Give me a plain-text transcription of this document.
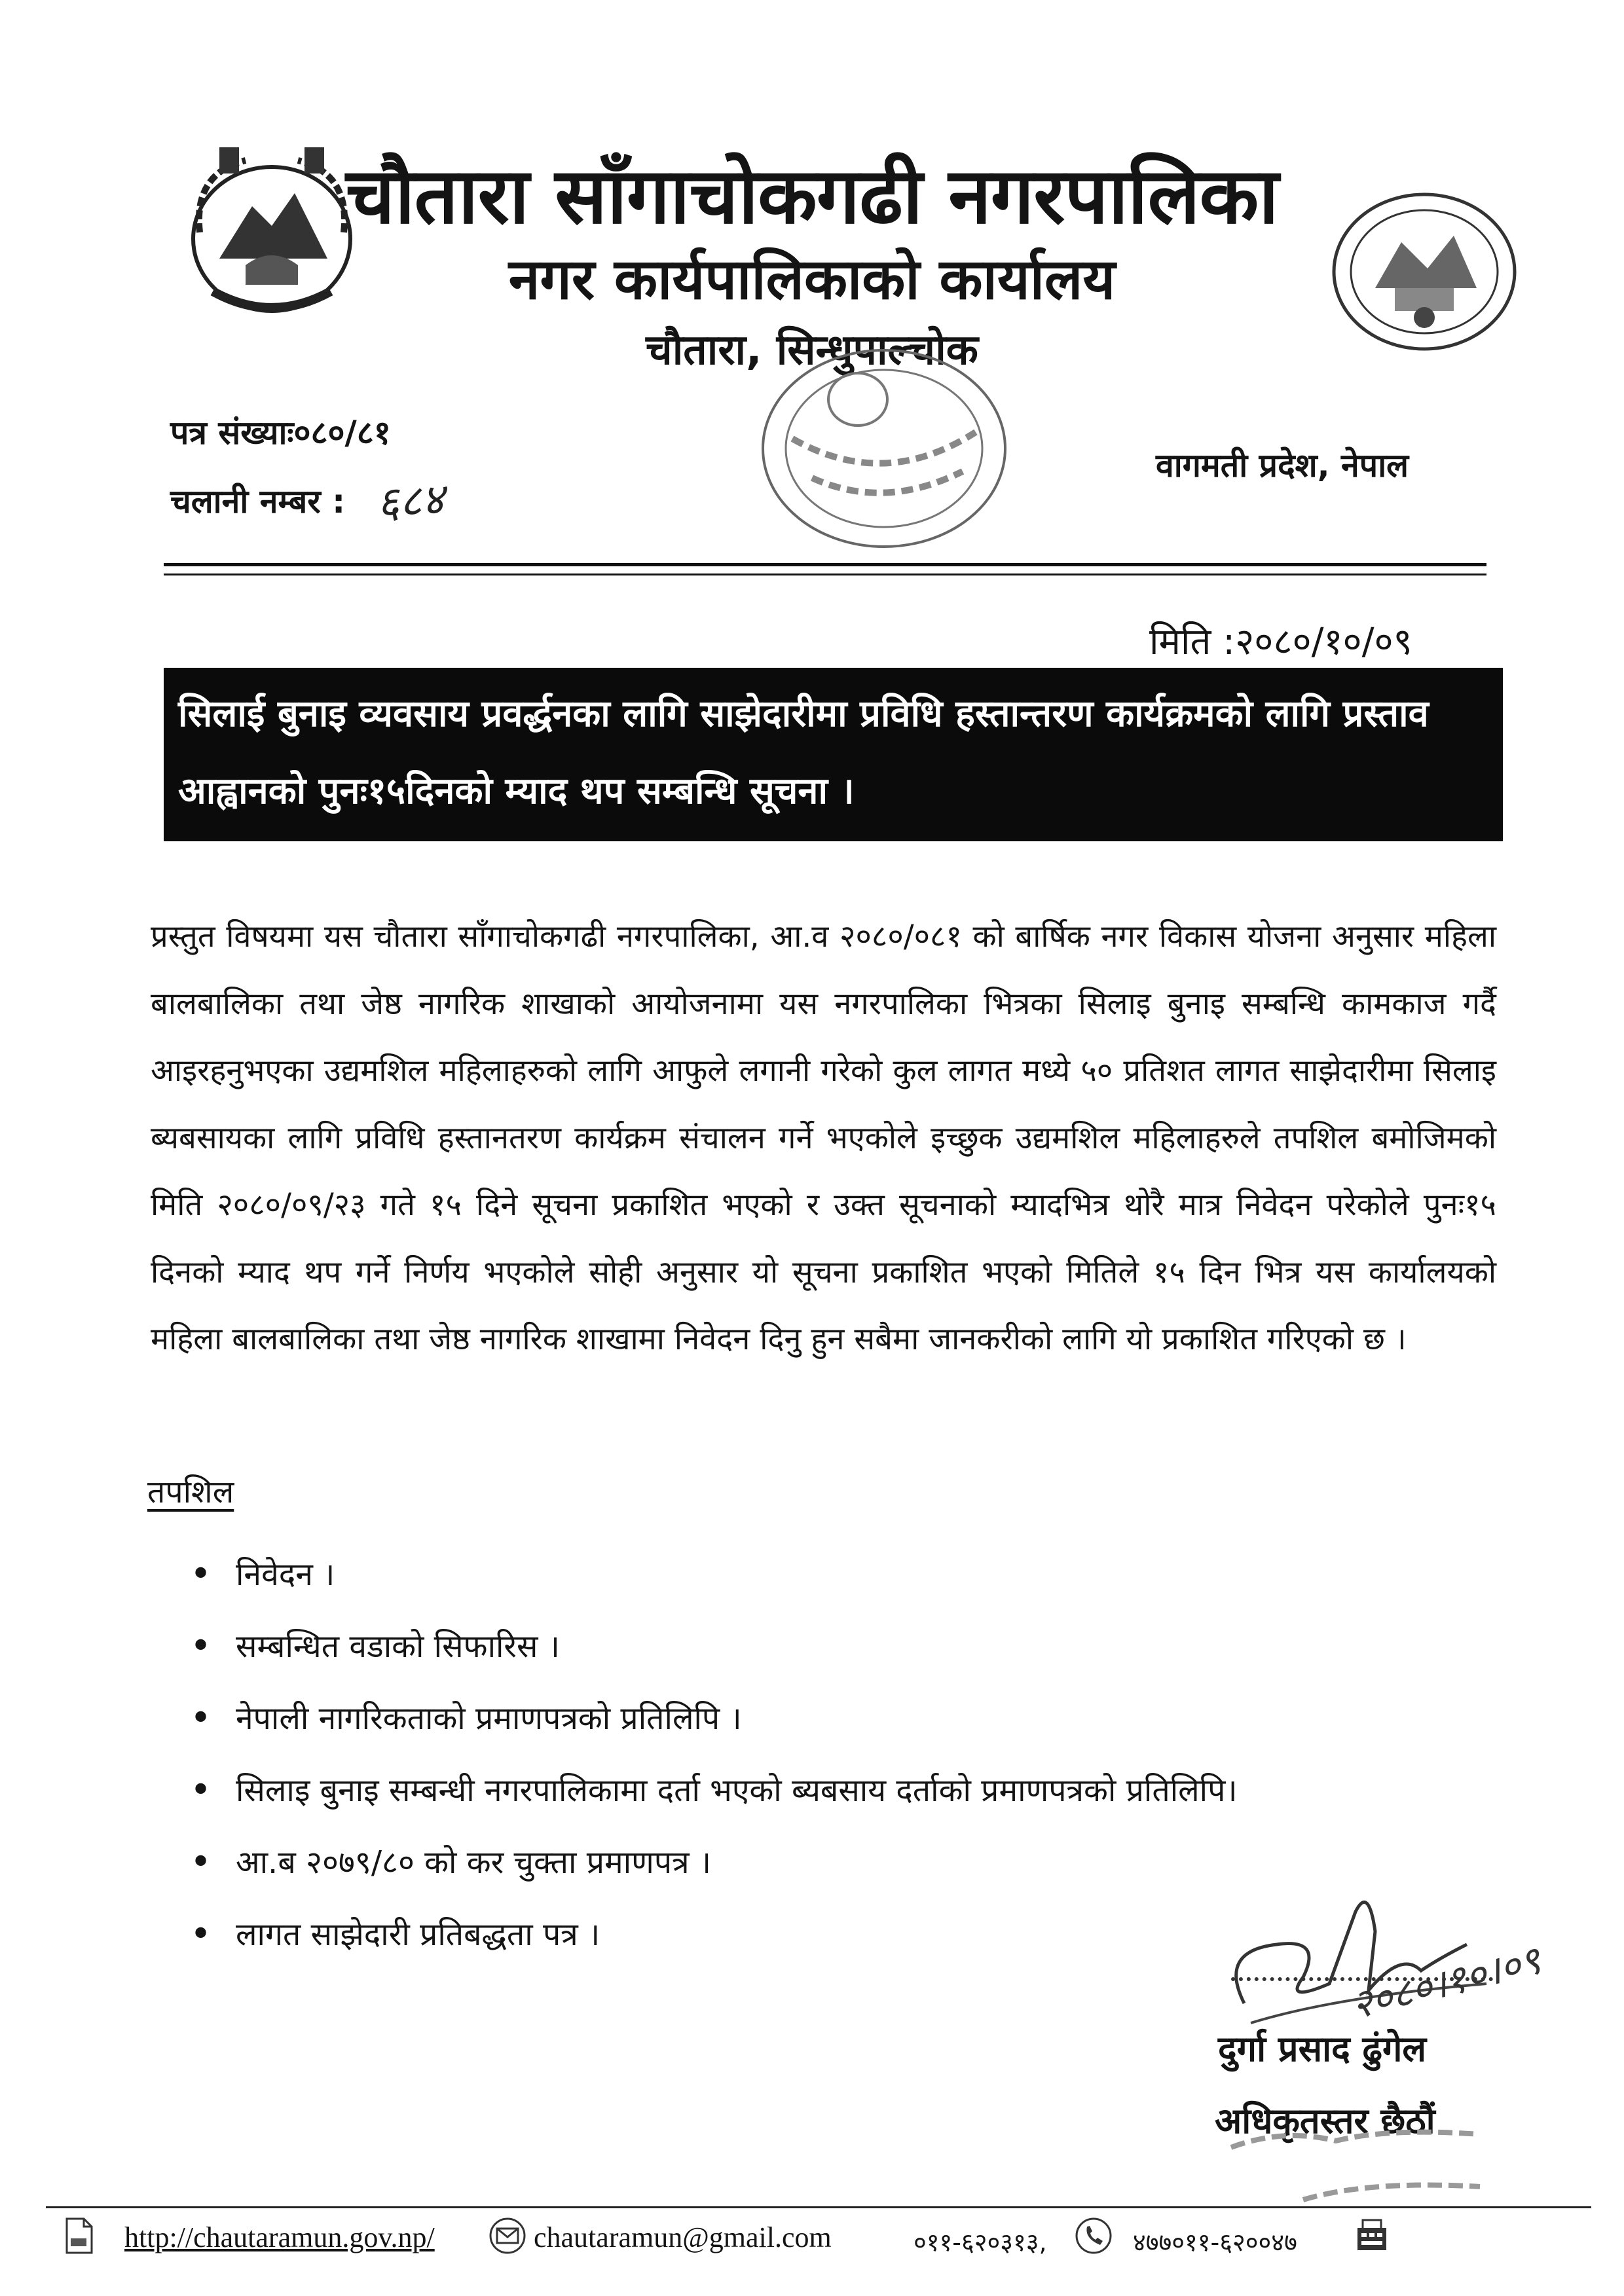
चौतारा साँगाचोकगढी नगरपालिका
नगर कार्यपालिकाको कार्यालय
चौतारा, सिन्धुपाल्चोक
पत्र संख्याः०८०/८१
चलानी नम्बर : ६८४
वागमती प्रदेश, नेपाल
मिति :२०८०/१०/०९
सिलाई बुनाइ व्यवसाय प्रवर्द्धनका लागि साझेदारीमा प्रविधि हस्तान्तरण कार्यक्रमको लागि प्रस्ताव आह्वानको पुनः१५दिनको म्याद थप सम्बन्धि सूचना ।
प्रस्तुत विषयमा यस चौतारा साँगाचोकगढी नगरपालिका, आ.व २०८०/०८१ को बार्षिक नगर विकास योजना अनुसार महिला बालबालिका तथा जेष्ठ नागरिक शाखाको आयोजनामा यस नगरपालिका भित्रका सिलाइ बुनाइ सम्बन्धि कामकाज गर्दै आइरहनुभएका उद्यमशिल महिलाहरुको लागि आफुले लगानी गरेको कुल लागत मध्ये ५० प्रतिशत लागत साझेदारीमा सिलाइ ब्यबसायका लागि प्रविधि हस्तानतरण कार्यक्रम संचालन गर्ने भएकोले इच्छुक उद्यमशिल महिलाहरुले तपशिल बमोजिमको मिति २०८०/०९/२३ गते १५ दिने सूचना प्रकाशित भएको र उक्त सूचनाको म्यादभित्र थोरै मात्र निवेदन परेकोले पुनः१५ दिनको म्याद थप गर्ने निर्णय भएकोले सोही अनुसार यो सूचना प्रकाशित भएको मितिले १५ दिन भित्र यस कार्यालयको महिला बालबालिका तथा जेष्ठ नागरिक शाखामा निवेदन दिनु हुन सबैमा जानकरीको लागि यो प्रकाशित गरिएको छ ।
तपशिल
• निवेदन ।
• सम्बन्धित वडाको सिफारिस ।
• नेपाली नागरिकताको प्रमाणपत्रको प्रतिलिपि ।
• सिलाइ बुनाइ सम्बन्धी नगरपालिकामा दर्ता भएको ब्यबसाय दर्ताको प्रमाणपत्रको प्रतिलिपि।
• आ.ब २०७९/८० को कर चुक्ता प्रमाणपत्र ।
• लागत साझेदारी प्रतिबद्धता पत्र ।
२०८०।१०।०९
दुर्गा प्रसाद ढुंगेल
अधिकृतस्तर छैठौं
http://chautaramun.gov.np/	chautaramun@gmail.com	०११-६२०३१३,	४७७०११-६२००४७
